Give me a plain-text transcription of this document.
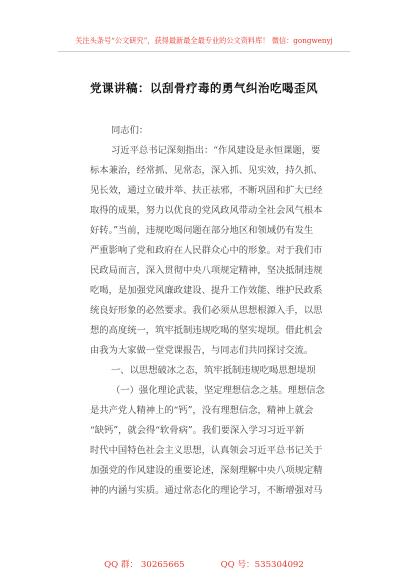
关注头条号“公文研究”，获得最新最全最专业的公文资料库！ 微信：gongwenyj
党课讲稿：以刮骨疗毒的勇气纠治吃喝歪风
同志们：
习近平总书记深刻指出：“作风建设是永恒课题，要
标本兼治，经常抓、见常态，深入抓、见实效，持久抓、
见长效，通过立破并举、扶正祛邪，不断巩固和扩大已经
取得的成果，努力以优良的党风政风带动全社会风气根本
好转。”当前，违规吃喝问题在部分地区和领域仍有发生
严重影响了党和政府在人民群众心中的形象。对于我们市
民政局而言，深入贯彻中央八项规定精神，坚决抵制违规
吃喝，是加强党风廉政建设、提升工作效能、维护民政系
统良好形象的必然要求。我们必须从思想根源入手，以思
想的高度统一，筑牢抵制违规吃喝的坚实堤坝。借此机会
由我为大家做一堂党课报告，与同志们共同探讨交流。
一、以思想破冰之态，筑牢抵制违规吃喝思想堤坝
（一）强化理论武装，坚定理想信念之基。理想信念
是共产党人精神上的“钙”，没有理想信念，精神上就会
“缺钙”，就会得“软骨病”。我们要深入学习习近平新
时代中国特色社会主义思想，认真领会习近平总书记关于
加强党的作风建设的重要论述，深刻理解中央八项规定精
神的内涵与实质。通过常态化的理论学习，不断增强对马
QQ 群： 30265665	QQ 号：535304092
